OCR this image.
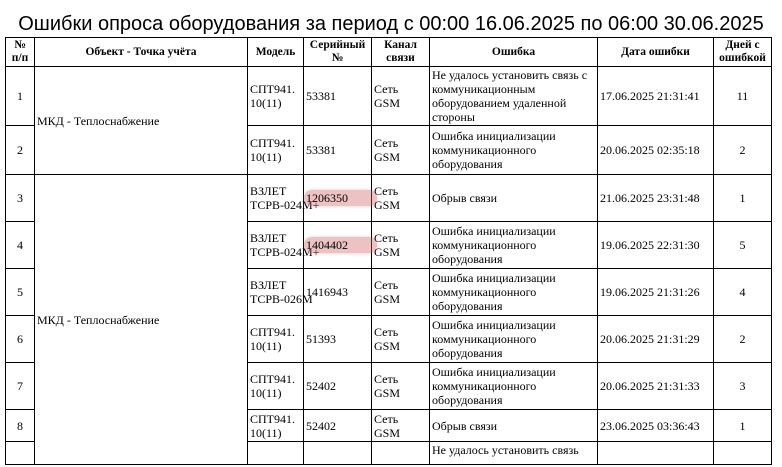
Ошибки опроса оборудования за период с 00:00 16.06.2025 по 06:00 30.06.2025
№ п/п	Объект - Точка учёта	Модель	Серийный №	Канал связи	Ошибка	Дата ошибки	Дней с ошибкой
1	МКД - Теплоснабжение	СПТ941. 10(11)	53381	Сеть GSM	Не удалось установить связь с коммуникационным оборудованием удаленной стороны	17.06.2025 21:31:41	11
2		СПТ941. 10(11)	53381	Сеть GSM	Ошибка инициализации коммуникационного оборудования	20.06.2025 02:35:18	2
3	МКД - Теплоснабжение	ВЗЛЕТ ТСРВ-024М+	1206350	Сеть GSM	Обрыв связи	21.06.2025 23:31:48	1
4		ВЗЛЕТ ТСРВ-024М+	1404402	Сеть GSM	Ошибка инициализации коммуникационного оборудования	19.06.2025 22:31:30	5
5		ВЗЛЕТ ТСРВ-026М	1416943	Сеть GSM	Ошибка инициализации коммуникационного оборудования	19.06.2025 21:31:26	4
6		СПТ941. 10(11)	51393	Сеть GSM	Ошибка инициализации коммуникационного оборудования	20.06.2025 21:31:29	2
7		СПТ941. 10(11)	52402	Сеть GSM	Ошибка инициализации коммуникационного оборудования	20.06.2025 21:31:33	3
8		СПТ941. 10(11)	52402	Сеть GSM	Обрыв связи	23.06.2025 03:36:43	1
					Не удалось установить связь		
